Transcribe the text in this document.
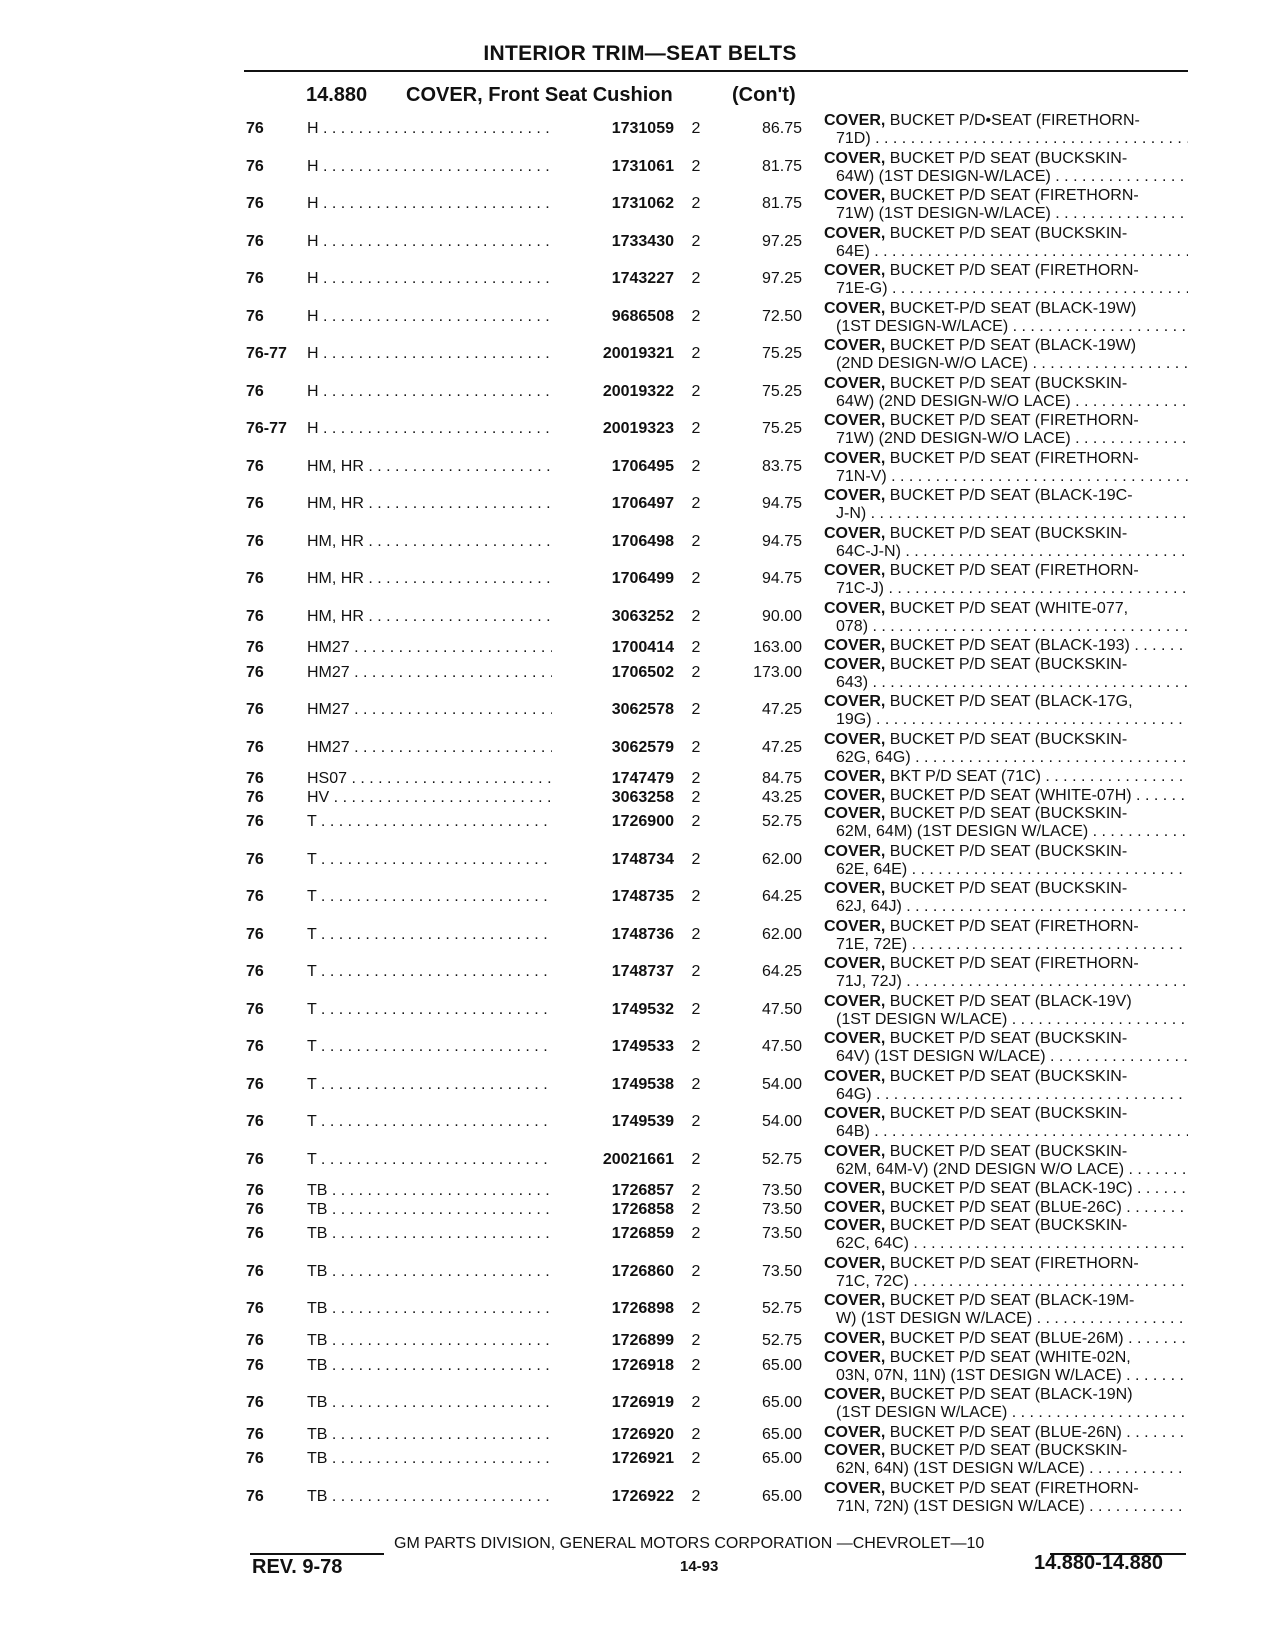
INTERIOR TRIM—SEAT BELTS
14.880 COVER, Front Seat Cushion	(Con't)
76	H . . .	1731059	2	86.75 COVER, BUCKET P/D•SEAT (FIRETHORN-
71D) . . .
76	H . . .	1731061	2	81.75 COVER, BUCKET P/D SEAT (BUCKSKIN-
64W) (1ST DESIGN-W/LACE) . . .
76	H . . .	1731062	2	81.75 COVER, BUCKET P/D SEAT (FIRETHORN-
71W) (1ST DESIGN-W/LACE) . . .
76	H . . .	1733430	2	97.25 COVER, BUCKET P/D SEAT (BUCKSKIN-
64E) . . .
76	H . . .	1743227	2	97.25 COVER, BUCKET P/D SEAT (FIRETHORN-
71E-G) . . .
76	H . . .	9686508	2	72.50 COVER, BUCKET-P/D SEAT (BLACK-19W)
(1ST DESIGN-W/LACE) . . .
76-77 H . . .	20019321	2	75.25 COVER, BUCKET P/D SEAT (BLACK-19W)
(2ND DESIGN-W/O LACE) . . .
76	H . . .	20019322	2	75.25 COVER, BUCKET P/D SEAT (BUCKSKIN-
64W) (2ND DESIGN-W/O LACE) . . .
76-77 H . . .	20019323	2	75.25 COVER, BUCKET P/D SEAT (FIRETHORN-
71W) (2ND DESIGN-W/O LACE) . . .
76	HM, HR . . .	1706495	2	83.75 COVER, BUCKET P/D SEAT (FIRETHORN-
71N-V) . . .
76	HM, HR . . .	1706497	2	94.75 COVER, BUCKET P/D SEAT (BLACK-19C-
J-N) . . .
76	HM, HR . . .	1706498	2	94.75 COVER, BUCKET P/D SEAT (BUCKSKIN-
64C-J-N) . . .
76	HM, HR . . .	1706499	2	94.75 COVER, BUCKET P/D SEAT (FIRETHORN-
71C-J) . . .
76	HM, HR . . .	3063252	2	90.00 COVER, BUCKET P/D SEAT (WHITE-077,
078) . . .
76	HM27 . . .	1700414	2	163.00 COVER, BUCKET P/D SEAT (BLACK-193) . . .
76	HM27 . . .	1706502	2	173.00 COVER, BUCKET P/D SEAT (BUCKSKIN-
643) . . .
76	HM27 . . .	3062578	2	47.25 COVER, BUCKET P/D SEAT (BLACK-17G,
19G) . . .
76	HM27 . . .	3062579	2	47.25 COVER, BUCKET P/D SEAT (BUCKSKIN-
62G, 64G) . . .
76	HS07 . . .	1747479	2	84.75 COVER, BKT P/D SEAT (71C) . . .
76	HV . . .	3063258	2	43.25 COVER, BUCKET P/D SEAT (WHITE-07H) . . .
76	T . . .	1726900	2	52.75 COVER, BUCKET P/D SEAT (BUCKSKIN-
62M, 64M) (1ST DESIGN W/LACE) . . .
76	T . . .	1748734	2	62.00 COVER, BUCKET P/D SEAT (BUCKSKIN-
62E, 64E) . . .
76	T . . .	1748735	2	64.25 COVER, BUCKET P/D SEAT (BUCKSKIN-
62J, 64J) . . .
76	T . . .	1748736	2	62.00 COVER, BUCKET P/D SEAT (FIRETHORN-
71E, 72E) . . .
76	T . . .	1748737	2	64.25 COVER, BUCKET P/D SEAT (FIRETHORN-
71J, 72J) . . .
76	T . . .	1749532	2	47.50 COVER, BUCKET P/D SEAT (BLACK-19V)
(1ST DESIGN W/LACE) . . .
76	T . . .	1749533	2	47.50 COVER, BUCKET P/D SEAT (BUCKSKIN-
64V) (1ST DESIGN W/LACE) . . .
76	T . . .	1749538	2	54.00 COVER, BUCKET P/D SEAT (BUCKSKIN-
64G) . . .
76	T . . .	1749539	2	54.00 COVER, BUCKET P/D SEAT (BUCKSKIN-
64B) . . .
76	T . . .	20021661	2	52.75 COVER, BUCKET P/D SEAT (BUCKSKIN-
62M, 64M-V) (2ND DESIGN W/O LACE) . . .
76	TB . . .	1726857	2	73.50 COVER, BUCKET P/D SEAT (BLACK-19C) . . .
76	TB . . .	1726858	2	73.50 COVER, BUCKET P/D SEAT (BLUE-26C) . . .
76	TB . . .	1726859	2	73.50 COVER, BUCKET P/D SEAT (BUCKSKIN-
62C, 64C) . . .
76	TB . . .	1726860	2	73.50 COVER, BUCKET P/D SEAT (FIRETHORN-
71C, 72C) . . .
76	TB . . .	1726898	2	52.75 COVER, BUCKET P/D SEAT (BLACK-19M-
W) (1ST DESIGN W/LACE) . . .
76	TB . . .	1726899	2	52.75 COVER, BUCKET P/D SEAT (BLUE-26M) . . .
76	TB . . .	1726918	2	65.00 COVER, BUCKET P/D SEAT (WHITE-02N,
03N, 07N, 11N) (1ST DESIGN W/LACE) . . .
76	TB . . .	1726919	2	65.00 COVER, BUCKET P/D SEAT (BLACK-19N)
(1ST DESIGN W/LACE) . . .
76	TB . . .	1726920	2	65.00 COVER, BUCKET P/D SEAT (BLUE-26N) . . .
76	TB . . .	1726921	2	65.00 COVER, BUCKET P/D SEAT (BUCKSKIN-
62N, 64N) (1ST DESIGN W/LACE) . . .
76	TB . . .	1726922	2	65.00 COVER, BUCKET P/D SEAT (FIRETHORN-
71N, 72N) (1ST DESIGN W/LACE) . . .
GM PARTS DIVISION, GENERAL MOTORS CORPORATION —CHEVROLET—10
REV. 9-78	14-93	14.880-14.880
